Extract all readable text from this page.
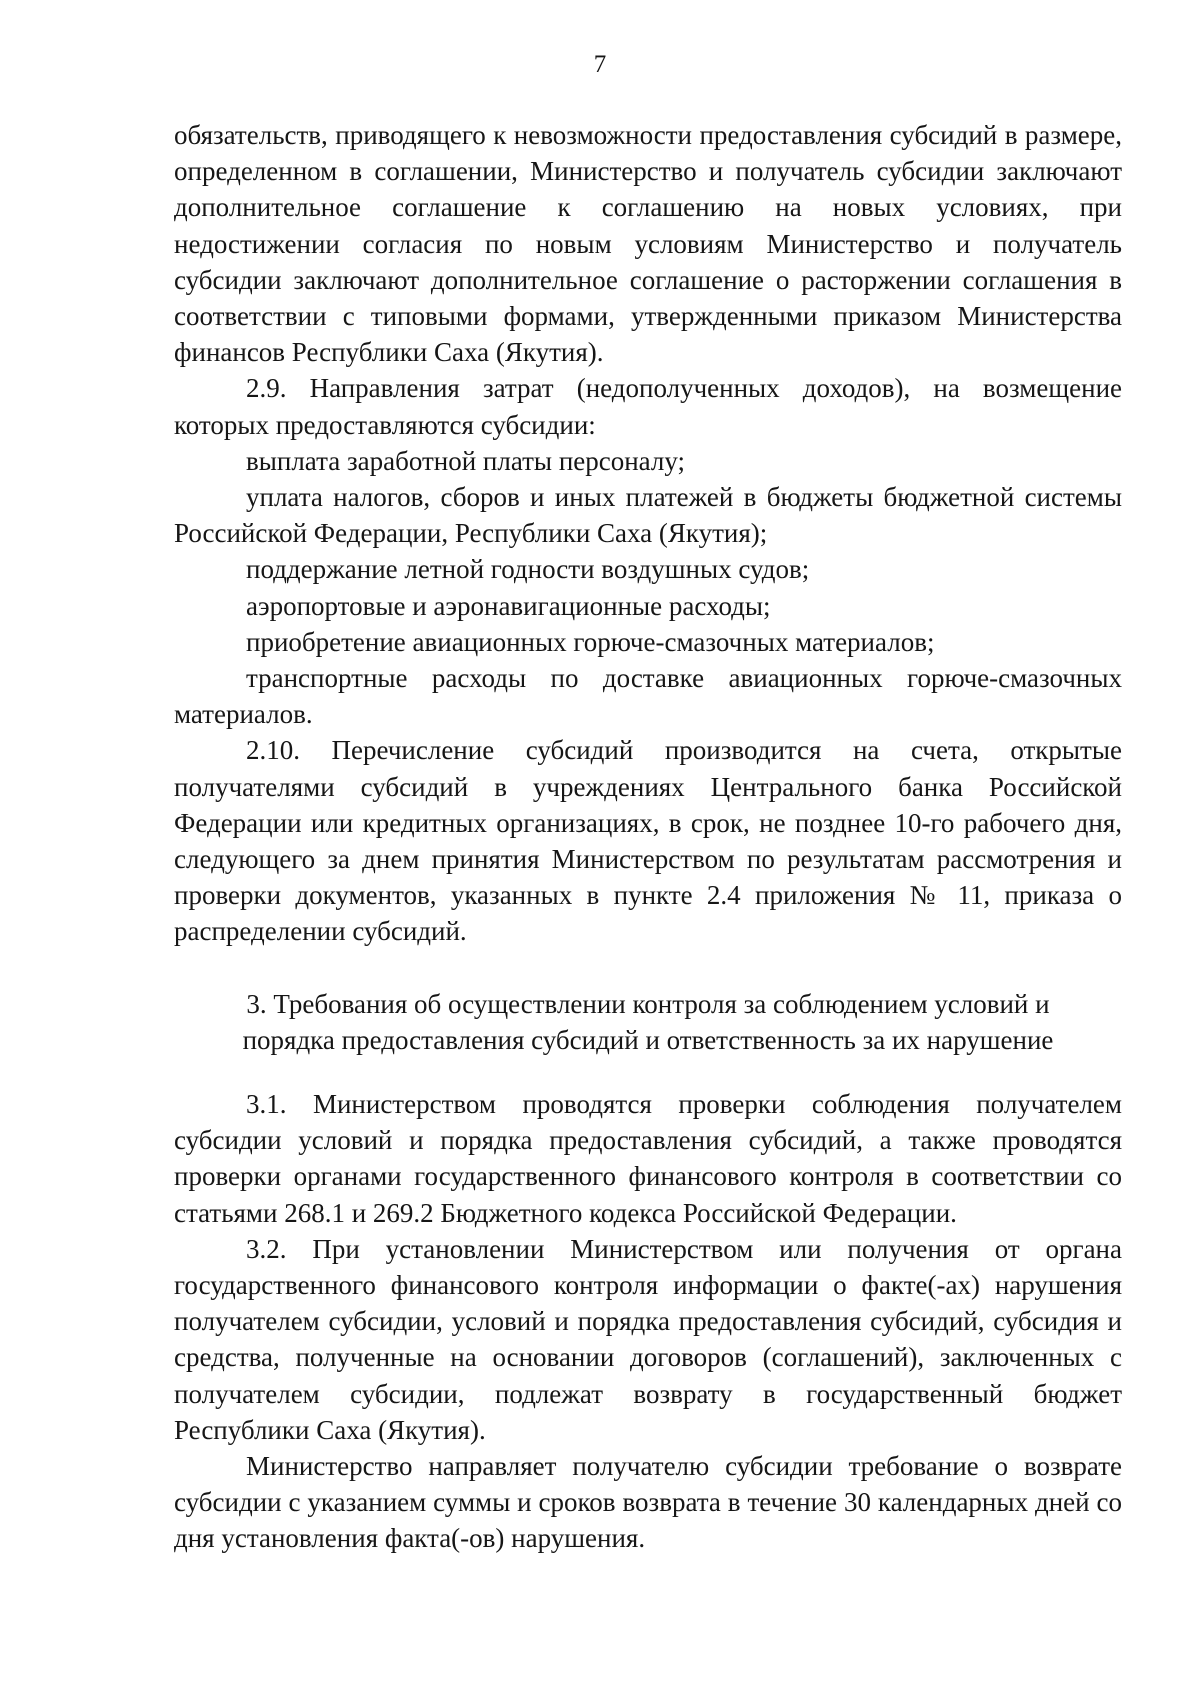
7

обязательств, приводящего к невозможности предоставления субсидий в размере, определенном в соглашении, Министерство и получатель субсидии заключают дополнительное соглашение к соглашению на новых условиях, при недостижении согласия по новым условиям Министерство и получатель субсидии заключают дополнительное соглашение о расторжении соглашения в соответствии с типовыми формами, утвержденными приказом Министерства финансов Республики Саха (Якутия).

2.9. Направления затрат (недополученных доходов), на возмещение которых предоставляются субсидии:

выплата заработной платы персоналу;

уплата налогов, сборов и иных платежей в бюджеты бюджетной системы Российской Федерации, Республики Саха (Якутия);

поддержание летной годности воздушных судов;

аэропортовые и аэронавигационные расходы;

приобретение авиационных горюче-смазочных материалов;

транспортные расходы по доставке авиационных горюче-смазочных материалов.

2.10. Перечисление субсидий производится на счета, открытые получателями субсидий в учреждениях Центрального банка Российской Федерации или кредитных организациях, в срок, не позднее 10-го рабочего дня, следующего за днем принятия Министерством по результатам рассмотрения и проверки документов, указанных в пункте 2.4 приложения № 11, приказа о распределении субсидий.

3. Требования об осуществлении контроля за соблюдением условий и
порядка предоставления субсидий и ответственность за их нарушение

3.1. Министерством проводятся проверки соблюдения получателем субсидии условий и порядка предоставления субсидий, а также проводятся проверки органами государственного финансового контроля в соответствии со статьями 268.1 и 269.2 Бюджетного кодекса Российской Федерации.

3.2. При установлении Министерством или получения от органа государственного финансового контроля информации о факте(-ах) нарушения получателем субсидии, условий и порядка предоставления субсидий, субсидия и средства, полученные на основании договоров (соглашений), заключенных с получателем субсидии, подлежат возврату в государственный бюджет Республики Саха (Якутия).

Министерство направляет получателю субсидии требование о возврате субсидии с указанием суммы и сроков возврата в течение 30 календарных дней со дня установления факта(-ов) нарушения.
